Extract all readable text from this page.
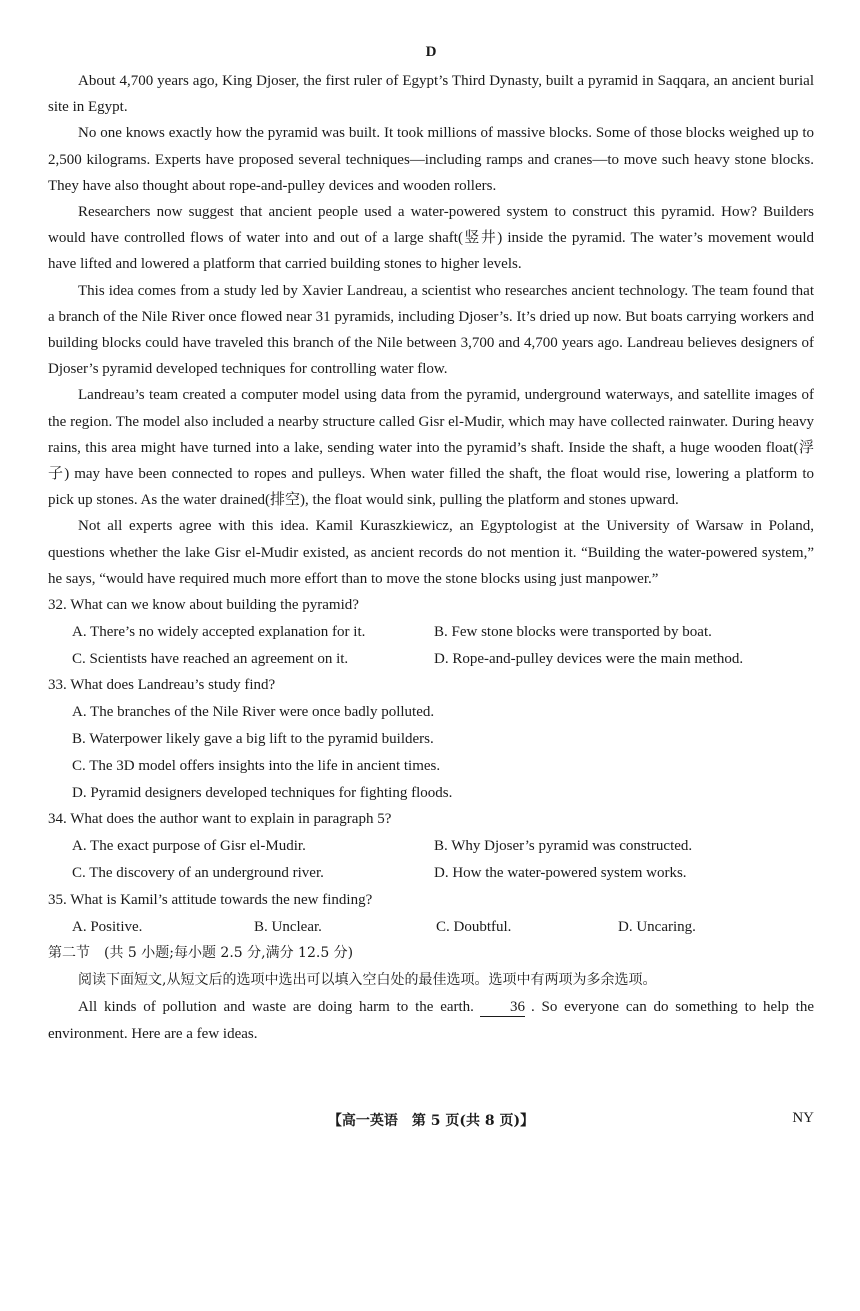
D

About 4,700 years ago, King Djoser, the first ruler of Egypt’s Third Dynasty, built a pyramid in Saqqara, an ancient burial site in Egypt.

No one knows exactly how the pyramid was built. It took millions of massive blocks. Some of those blocks weighed up to 2,500 kilograms. Experts have proposed several techniques—including ramps and cranes—to move such heavy stone blocks. They have also thought about rope-and-pulley devices and wooden rollers.

Researchers now suggest that ancient people used a water-powered system to construct this pyramid. How? Builders would have controlled flows of water into and out of a large shaft(竖井) inside the pyramid. The water’s movement would have lifted and lowered a platform that carried building stones to higher levels.

This idea comes from a study led by Xavier Landreau, a scientist who researches ancient technology. The team found that a branch of the Nile River once flowed near 31 pyramids, including Djoser’s. It’s dried up now. But boats carrying workers and building blocks could have traveled this branch of the Nile between 3,700 and 4,700 years ago. Landreau believes designers of Djoser’s pyramid developed techniques for controlling water flow.

Landreau’s team created a computer model using data from the pyramid, underground waterways, and satellite images of the region. The model also included a nearby structure called Gisr el-Mudir, which may have collected rainwater. During heavy rains, this area might have turned into a lake, sending water into the pyramid’s shaft. Inside the shaft, a huge wooden float(浮子) may have been connected to ropes and pulleys. When water filled the shaft, the float would rise, lowering a platform to pick up stones. As the water drained(排空), the float would sink, pulling the platform and stones upward.

Not all experts agree with this idea. Kamil Kuraszkiewicz, an Egyptologist at the University of Warsaw in Poland, questions whether the lake Gisr el-Mudir existed, as ancient records do not mention it. “Building the water-powered system,” he says, “would have required much more effort than to move the stone blocks using just manpower.”

32. What can we know about building the pyramid?

A. There’s no widely accepted explanation for it.	B. Few stone blocks were transported by boat.
C. Scientists have reached an agreement on it.	D. Rope-and-pulley devices were the main method.

33. What does Landreau’s study find?

A. The branches of the Nile River were once badly polluted.
B. Waterpower likely gave a big lift to the pyramid builders.
C. The 3D model offers insights into the life in ancient times.
D. Pyramid designers developed techniques for fighting floods.

34. What does the author want to explain in paragraph 5?

A. The exact purpose of Gisr el-Mudir.	B. Why Djoser’s pyramid was constructed.
C. The discovery of an underground river.	D. How the water-powered system works.

35. What is Kamil’s attitude towards the new finding?

A. Positive.	B. Unclear.	C. Doubtful.	D. Uncaring.

第二节　(共 5 小题;每小题 2.5 分,满分 12.5 分)

阅读下面短文,从短文后的选项中选出可以填入空白处的最佳选项。选项中有两项为多余选项。

All kinds of pollution and waste are doing harm to the earth. 36 . So everyone can do something to help the environment. Here are a few ideas.

【高一英语　第 5 页(共 8 页)】	NY
